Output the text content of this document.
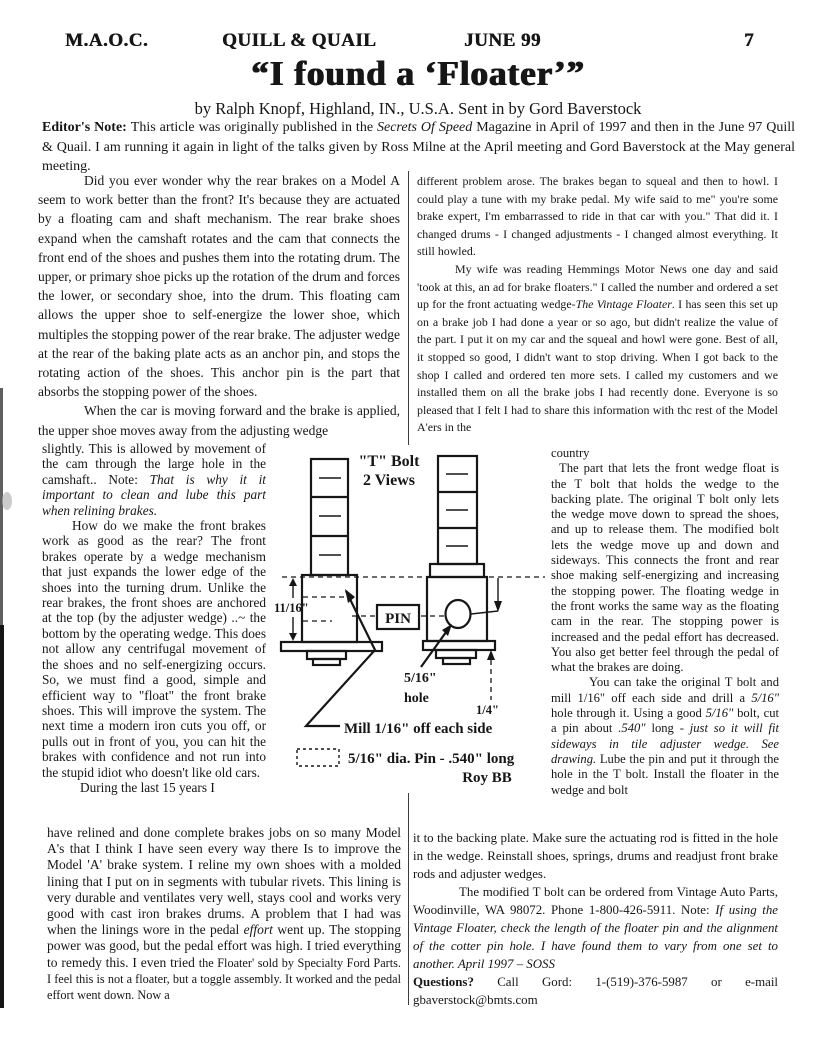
M.A.O.C.	QUILL & QUAIL	JUNE 99	7
“I found a ‘Floater’”
by Ralph Knopf, Highland, IN., U.S.A. Sent in by Gord Baverstock

Editor's Note: This article was originally published in the Secrets Of Speed Magazine in April of 1997 and then in the June 97 Quill & Quail. I am running it again in light of the talks given by Ross Milne at the April meeting and Gord Baverstock at the May general meeting.

Did you ever wonder why the rear brakes on a Model A seem to work better than the front? It's because they are actuated by a floating cam and shaft mechanism. The rear brake shoes expand when the camshaft rotates and the cam that connects the front end of the shoes and pushes them into the rotating drum. The upper, or primary shoe picks up the rotation of the drum and forces the lower, or secondary shoe, into the drum. This floating cam allows the upper shoe to self-energize the lower shoe, which multiples the stopping power of the rear brake. The adjuster wedge at the rear of the baking plate acts as an anchor pin, and stops the rotating action of the shoes. This anchor pin is the part that absorbs the stopping power of the shoes.

When the car is moving forward and the brake is applied, the upper shoe moves away from the adjusting wedge

slightly. This is allowed by movement of the cam through the large hole in the camshaft.. Note: That is why it it important to clean and lube this part when relining brakes.

How do we make the front brakes work as good as the rear? The front brakes operate by a wedge mechanism that just expands the lower edge of the shoes into the turning drum. Unlike the rear brakes, the front shoes are anchored at the top (by the adjuster wedge) ..~ the bottom by the operating wedge. This does not allow any centrifugal movement of the shoes and no self-energizing occurs. So, we must find a good, simple and efficient way to "float" the front brake shoes. This will improve the system. The next time a modern iron cuts you off, or pulls out in front of you, you can hit the brakes with confidence and not run into the stupid idiot who doesn't like old cars.

During the last 15 years I

have relined and done complete brakes jobs on so many Model A's that I think I have seen every way there Is to improve the Model 'A' brake system. I reline my own shoes with a molded lining that I put on in segments with tubular rivets. This lining is very durable and ventilates very well, stays cool and works very good with cast iron brakes drums. A problem that I had was when the linings wore in the pedal effort went up. The stopping power was good, but the pedal effort was high. I tried everything to remedy this. I even tried the Floater' sold by Specialty Ford Parts. I feel this is not a floater, but a toggle assembly. It worked and the pedal effort went down. Now a

different problem arose. The brakes began to squeal and then to howl. I could play a tune with my brake pedal. My wife said to me" you're some brake expert, I'm embarrassed to ride in that car with you." That did it. I changed drums - I changed adjustments - I changed almost everything. It still howled.

My wife was reading Hemmings Motor News one day and said 'took at this, an ad for brake floaters." I called the number and ordered a set up for the front actuating wedge-The Vintage Floater. I has seen this set up on a brake job I had done a year or so ago, but didn't realize the value of the part. I put it on my car and the squeal and howl were gone. Best of all, it stopped so good, I didn't want to stop driving. When I got back to the shop I called and ordered ten more sets. I called my customers and we installed them on all the brake jobs I had recently done. Everyone is so pleased that I felt I had to share this information with thc rest of the Model A'ers in the

country

The part that lets the front wedge float is the T bolt that holds the wedge to the backing plate. The original T bolt only lets the wedge move down to spread the shoes, and up to release them. The modified bolt lets the wedge move up and down and sideways. This connects the front and rear shoe making self-energizing and increasing the stopping power. The floating wedge in the front works the same way as the floating cam in the rear. The stopping power is increased and the pedal effort has decreased. You also get better feel through the pedal of what the brakes are doing.

You can take the original T bolt and mill 1/16" off each side and drill a 5/16" hole through it. Using a good 5/16" bolt, cut a pin about .540" long - just so it will fit sideways in tile adjuster wedge. See drawing. Lube the pin and put it through the hole in the T bolt. Install the floater in the wedge and bolt

it to the backing plate. Make sure the actuating rod is fitted in the hole in the wedge. Reinstall shoes, springs, drums and readjust front brake rods and adjuster wedges.

The modified T bolt can be ordered from Vintage Auto Parts, Woodinville, WA 98072. Phone 1-800-426-5911. Note: If using the Vintage Floater, check the length of the floater pin and the alignment of the cotter pin hole. I have found them to vary from one set to another. April 1997 – SOSS

Questions? Call Gord: 1-(519)-376-5987 or e-mail gbaverstock@bmts.com

"T" Bolt
2 Views
11/16"
PIN
1/4"
5/16"
hole
Mill 1/16" off each side
5/16" dia. Pin - .540" long
Roy BB
